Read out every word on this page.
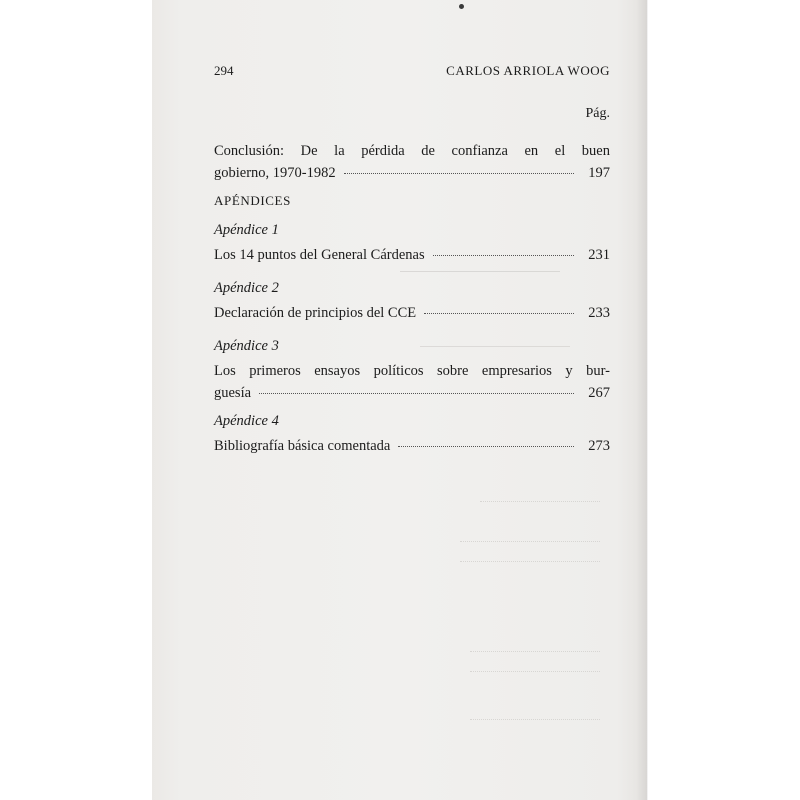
294	CARLOS ARRIOLA WOOG
Pág.
Conclusión: De la pérdida de confianza en el buen
gobierno, 1970-1982	197
APÉNDICES
Apéndice 1
Los 14 puntos del General Cárdenas	231
Apéndice 2
Declaración de principios del CCE	233
Apéndice 3
Los primeros ensayos políticos sobre empresarios y bur-
guesía	267
Apéndice 4
Bibliografía básica comentada	273
